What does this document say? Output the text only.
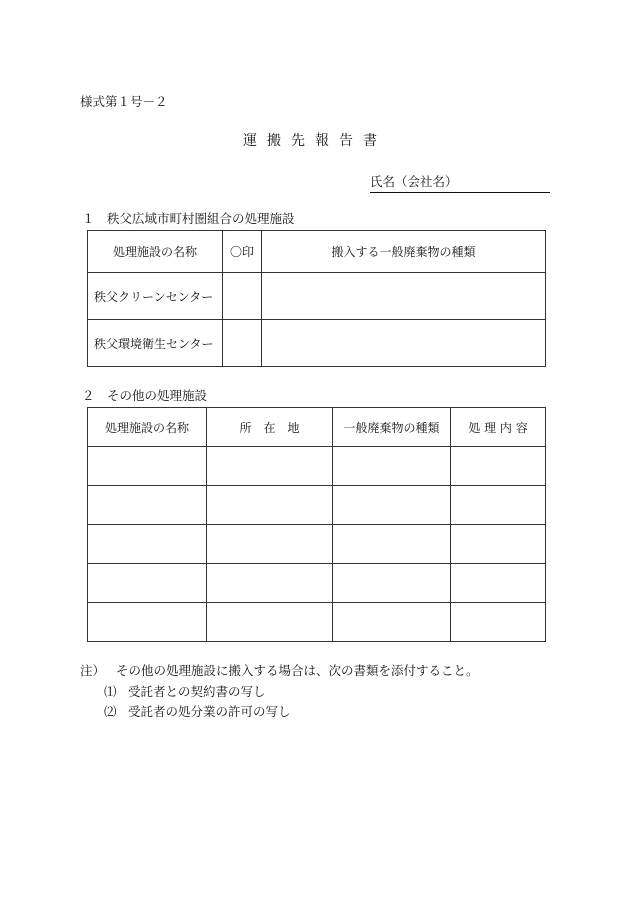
様式第１号－２
運搬先報告書
氏名（会社名）
１　秩父広域市町村圏組合の処理施設
処理施設の名称	〇印	搬入する一般廃棄物の種類
秩父クリーンセンター		
秩父環境衛生センター		
２　その他の処理施設
処理施設の名称	所　在　地	一般廃棄物の種類	処 理 内 容

注） その他の処理施設に搬入する場合は、次の書類を添付すること。
⑴ 受託者との契約書の写し
⑵ 受託者の処分業の許可の写し
